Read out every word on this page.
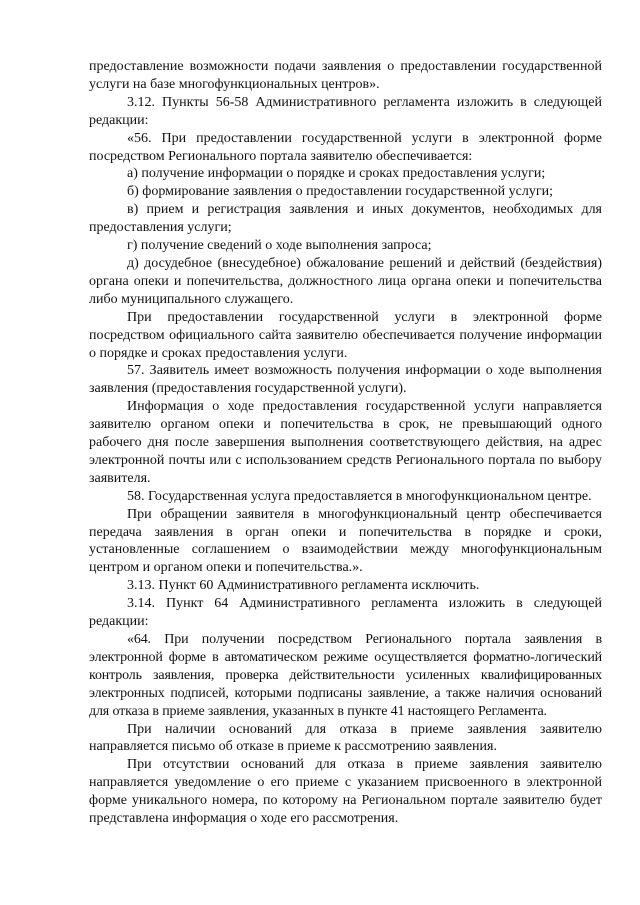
предоставление возможности подачи заявления о предоставлении государственной услуги на базе многофункциональных центров».

3.12. Пункты 56-58 Административного регламента изложить в следующей редакции:

«56. При предоставлении государственной услуги в электронной форме посредством Регионального портала заявителю обеспечивается:

а) получение информации о порядке и сроках предоставления услуги;

б) формирование заявления о предоставлении государственной услуги;

в) прием и регистрация заявления и иных документов, необходимых для предоставления услуги;

г) получение сведений о ходе выполнения запроса;

д) досудебное (внесудебное) обжалование решений и действий (бездействия) органа опеки и попечительства, должностного лица органа опеки и попечительства либо муниципального служащего.

При предоставлении государственной услуги в электронной форме посредством официального сайта заявителю обеспечивается получение информации о порядке и сроках предоставления услуги.

57. Заявитель имеет возможность получения информации о ходе выполнения заявления (предоставления государственной услуги).

Информация о ходе предоставления государственной услуги направляется заявителю органом опеки и попечительства в срок, не превышающий одного рабочего дня после завершения выполнения соответствующего действия, на адрес электронной почты или с использованием средств Регионального портала по выбору заявителя.

58. Государственная услуга предоставляется в многофункциональном центре.

При обращении заявителя в многофункциональный центр обеспечивается передача заявления в орган опеки и попечительства в порядке и сроки, установленные соглашением о взаимодействии между многофункциональным центром и органом опеки и попечительства.».

3.13. Пункт 60 Административного регламента исключить.

3.14. Пункт 64 Административного регламента изложить в следующей редакции:

«64. При получении посредством Регионального портала заявления в электронной форме в автоматическом режиме осуществляется форматно-логический контроль заявления, проверка действительности усиленных квалифицированных электронных подписей, которыми подписаны заявление, а также наличия оснований для отказа в приеме заявления, указанных в пункте 41 настоящего Регламента.

При наличии оснований для отказа в приеме заявления заявителю направляется письмо об отказе в приеме к рассмотрению заявления.

При отсутствии оснований для отказа в приеме заявления заявителю направляется уведомление о его приеме с указанием присвоенного в электронной форме уникального номера, по которому на Региональном портале заявителю будет представлена информация о ходе его рассмотрения.
